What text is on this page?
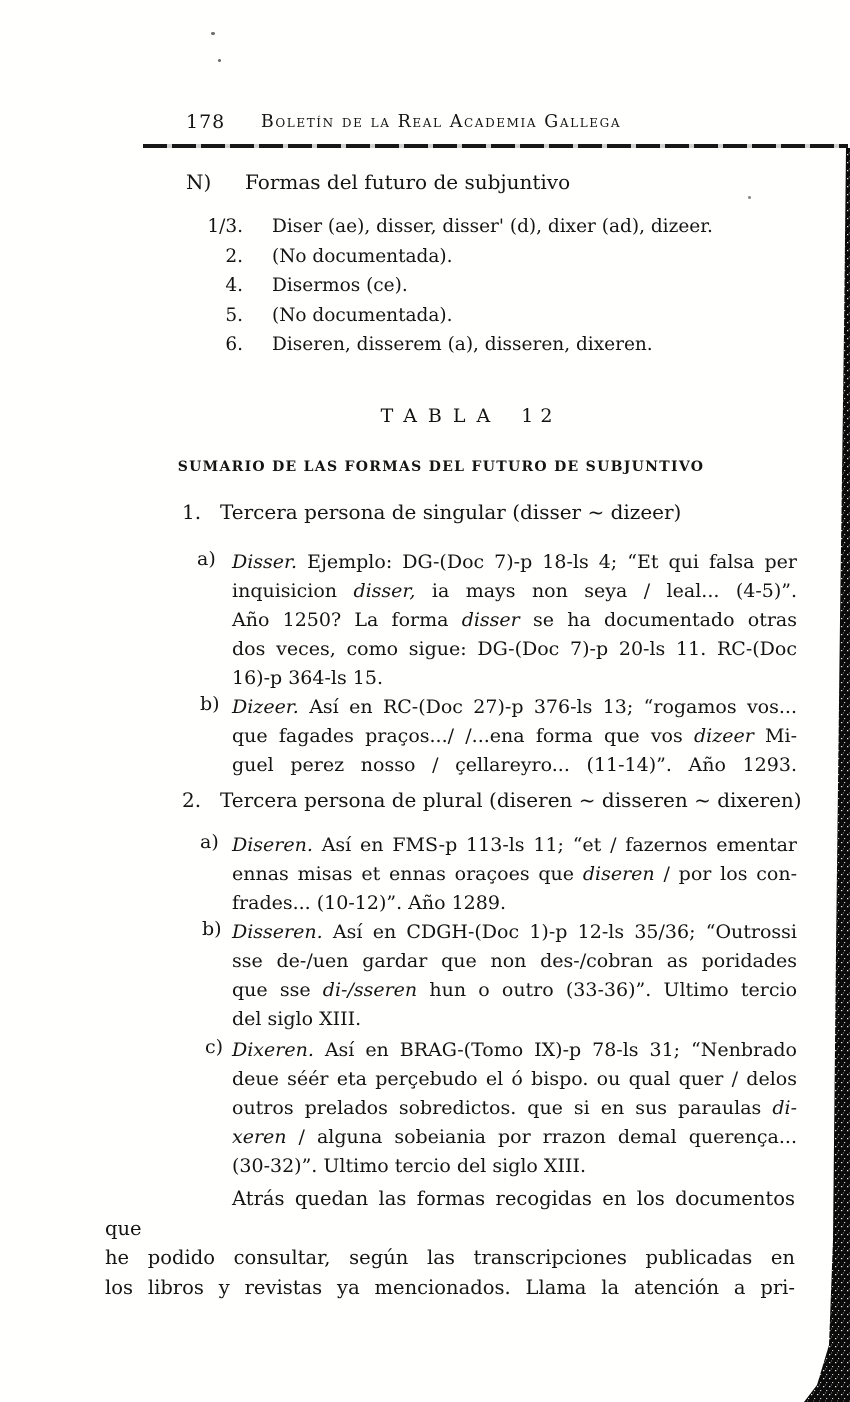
178	Boletín de la Real Academia Gallega
N) Formas del futuro de subjuntivo
1/3. Diser (ae), disser, disser' (d), dixer (ad), dizeer.
2. (No documentada).
4. Disermos (ce).
5. (No documentada).
6. Diseren, disserem (a), disseren, dixeren.
TABLA 12
SUMARIO DE LAS FORMAS DEL FUTURO DE SUBJUNTIVO
1. Tercera persona de singular (disser ~ dizeer)
a) Disser. Ejemplo: DG-(Doc 7)-p 18-ls 4; “Et qui falsa per
inquisicion disser, ia mays non seya / leal... (4-5)”.
Año 1250? La forma disser se ha documentado otras
dos veces, como sigue: DG-(Doc 7)-p 20-ls 11. RC-(Doc
16)-p 364-ls 15.
b) Dizeer. Así en RC-(Doc 27)-p 376-ls 13; “rogamos vos...
que fagades praços.../ /...ena forma que vos dizeer Mi-
guel perez nosso / çellareyro... (11-14)”. Año 1293.
2. Tercera persona de plural (diseren ~ disseren ~ dixeren)
a) Diseren. Así en FMS-p 113-ls 11; “et / fazernos ementar
ennas misas et ennas oraçoes que diseren / por los con-
frades... (10-12)”. Año 1289.
b) Disseren. Así en CDGH-(Doc 1)-p 12-ls 35/36; “Outrossi
sse de-/uen gardar que non des-/cobran as poridades
que sse di-/sseren hun o outro (33-36)”. Ultimo tercio
del siglo XIII.
c) Dixeren. Así en BRAG-(Tomo IX)-p 78-ls 31; “Nenbrado
deue séér eta perçebudo el ó bispo. ou qual quer / delos
outros prelados sobredictos. que si en sus paraulas di-
xeren / alguna sobeiania por rrazon demal querença...
(30-32)”. Ultimo tercio del siglo XIII.
Atrás quedan las formas recogidas en los documentos que
he podido consultar, según las transcripciones publicadas en
los libros y revistas ya mencionados. Llama la atención a pri-
